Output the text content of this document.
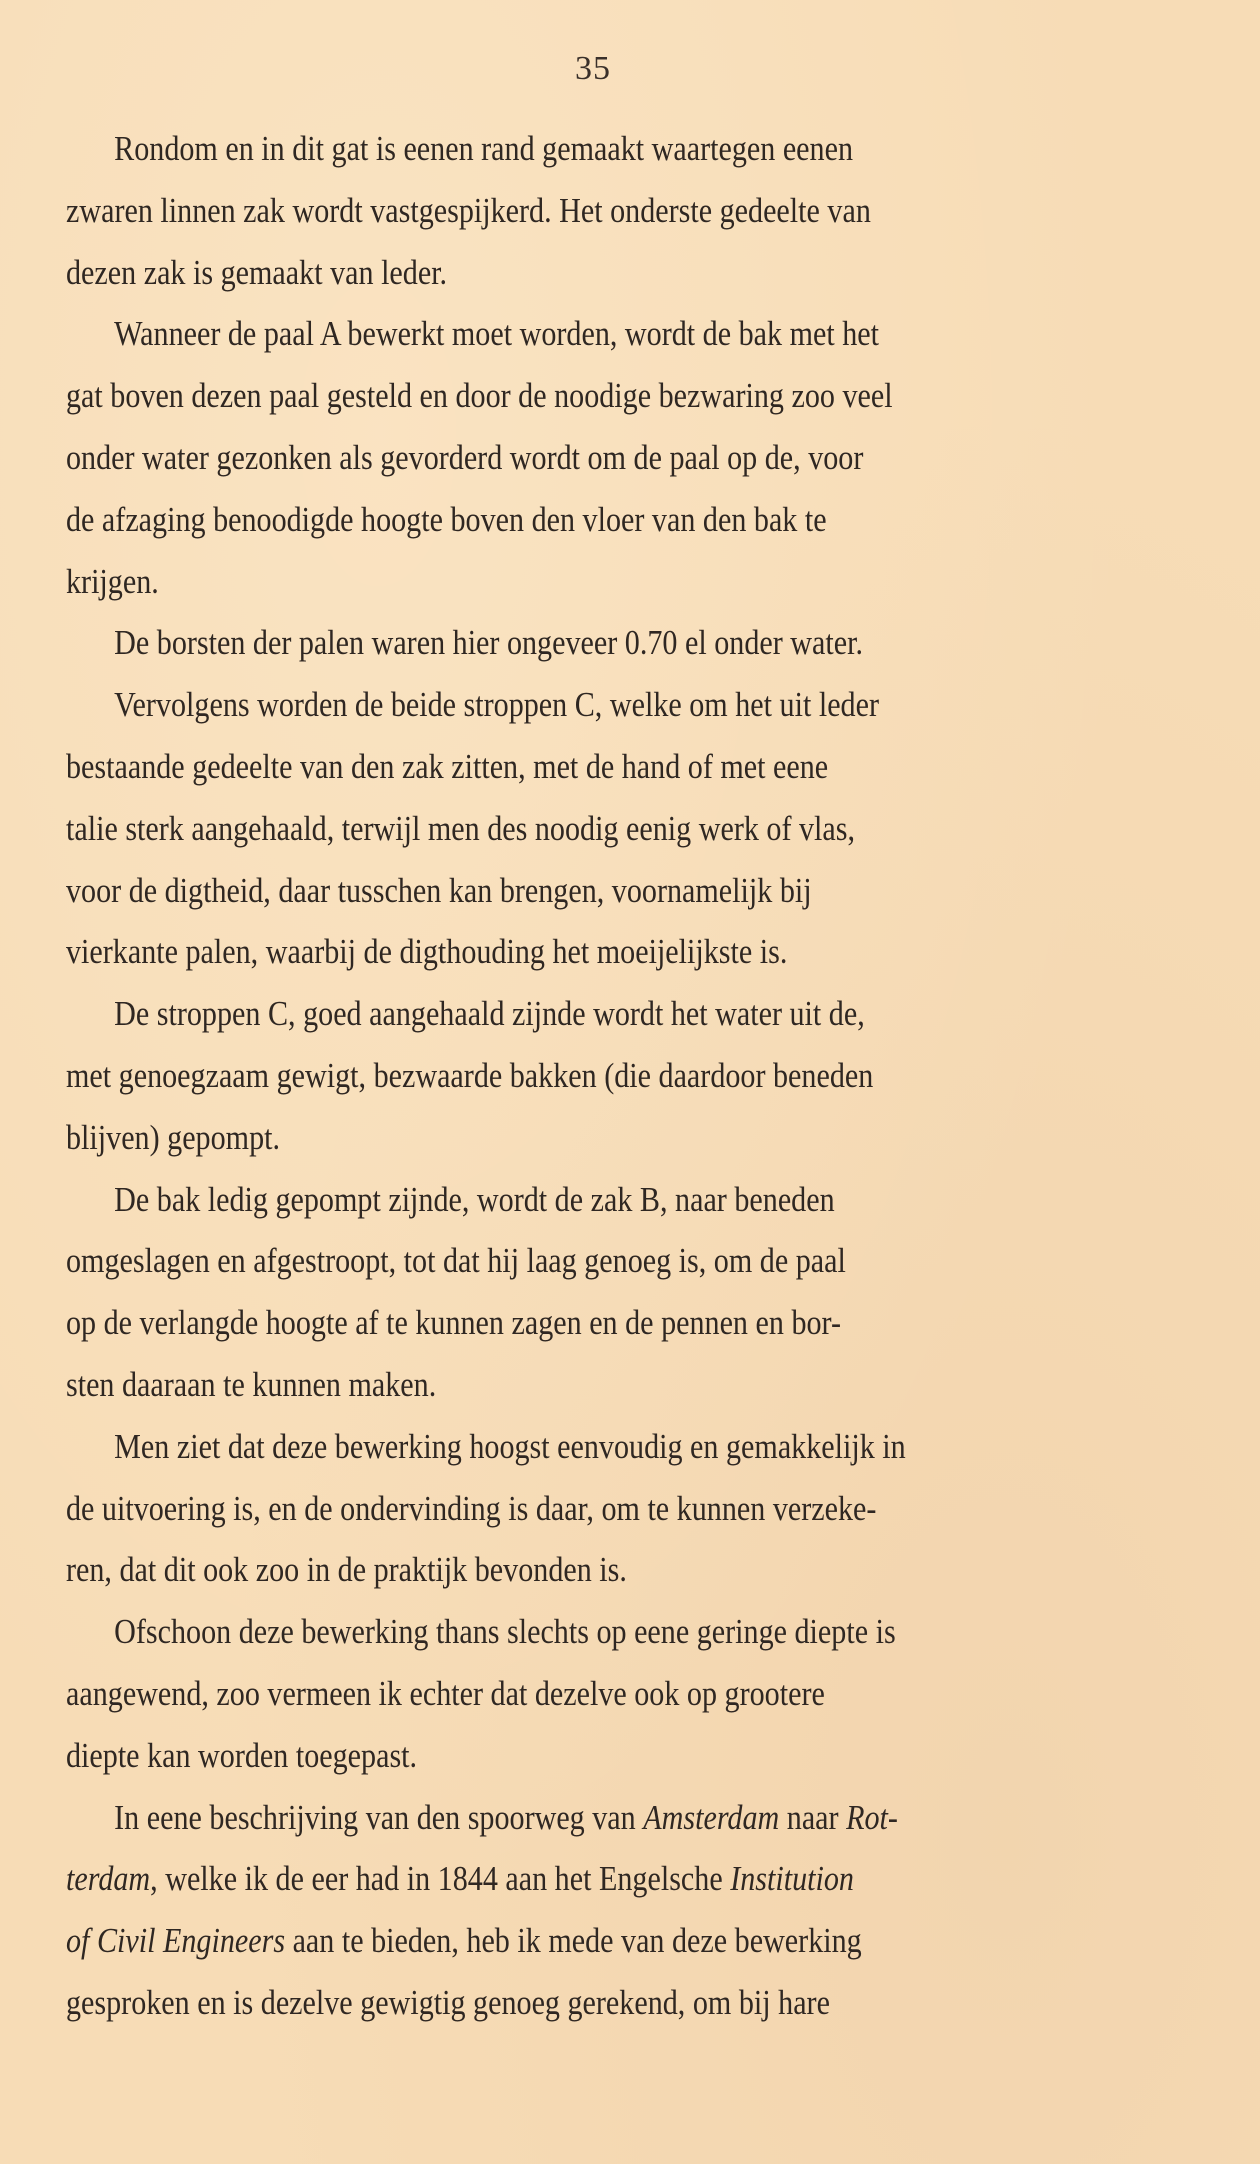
35
Rondom en in dit gat is eenen rand gemaakt waartegen eenen
zwaren linnen zak wordt vastgespijkerd. Het onderste gedeelte van
dezen zak is gemaakt van leder.
Wanneer de paal A bewerkt moet worden, wordt de bak met het
gat boven dezen paal gesteld en door de noodige bezwaring zoo veel
onder water gezonken als gevorderd wordt om de paal op de, voor
de afzaging benoodigde hoogte boven den vloer van den bak te
krijgen.
De borsten der palen waren hier ongeveer 0.70 el onder water.
Vervolgens worden de beide stroppen C, welke om het uit leder
bestaande gedeelte van den zak zitten, met de hand of met eene
talie sterk aangehaald, terwijl men des noodig eenig werk of vlas,
voor de digtheid, daar tusschen kan brengen, voornamelijk bij
vierkante palen, waarbij de digthouding het moeijelijkste is.
De stroppen C, goed aangehaald zijnde wordt het water uit de,
met genoegzaam gewigt, bezwaarde bakken (die daardoor beneden
blijven) gepompt.
De bak ledig gepompt zijnde, wordt de zak B, naar beneden
omgeslagen en afgestroopt, tot dat hij laag genoeg is, om de paal
op de verlangde hoogte af te kunnen zagen en de pennen en bor-
sten daaraan te kunnen maken.
Men ziet dat deze bewerking hoogst eenvoudig en gemakkelijk in
de uitvoering is, en de ondervinding is daar, om te kunnen verzeke-
ren, dat dit ook zoo in de praktijk bevonden is.
Ofschoon deze bewerking thans slechts op eene geringe diepte is
aangewend, zoo vermeen ik echter dat dezelve ook op grootere
diepte kan worden toegepast.
In eene beschrijving van den spoorweg van Amsterdam naar Rot-
terdam, welke ik de eer had in 1844 aan het Engelsche Institution
of Civil Engineers aan te bieden, heb ik mede van deze bewerking
gesproken en is dezelve gewigtig genoeg gerekend, om bij hare
